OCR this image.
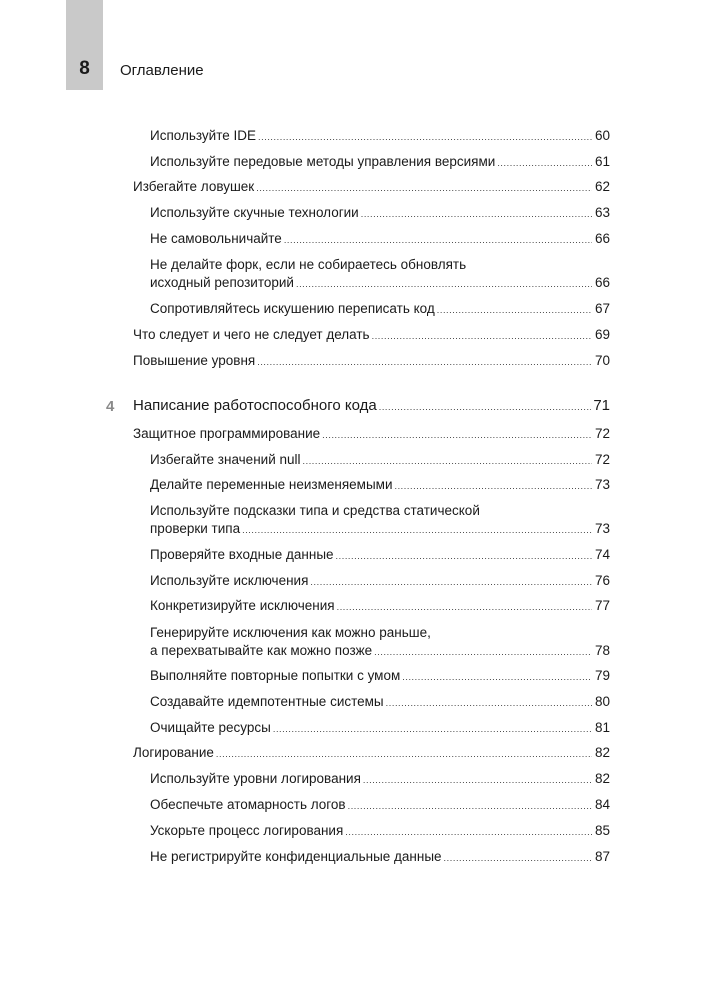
8	Оглавление
Используйте IDE .....	60
Используйте передовые методы управления версиями .....	61
Избегайте ловушек .....	62
Используйте скучные технологии .....	63
Не самовольничайте .....	66
Не делайте форк, если не собираетесь обновлять
исходный репозиторий .....	66
Сопротивляйтесь искушению переписать код .....	67
Что следует и чего не следует делать .....	69
Повышение уровня .....	70
4 Написание работоспособного кода .....	71
Защитное программирование .....	72
Избегайте значений null .....	72
Делайте переменные неизменяемыми .....	73
Используйте подсказки типа и средства статической
проверки типа .....	73
Проверяйте входные данные .....	74
Используйте исключения .....	76
Конкретизируйте исключения .....	77
Генерируйте исключения как можно раньше,
а перехватывайте как можно позже .....	78
Выполняйте повторные попытки с умом .....	79
Создавайте идемпотентные системы .....	80
Очищайте ресурсы .....	81
Логирование .....	82
Используйте уровни логирования .....	82
Обеспечьте атомарность логов .....	84
Ускорьте процесс логирования .....	85
Не регистрируйте конфиденциальные данные .....	87
